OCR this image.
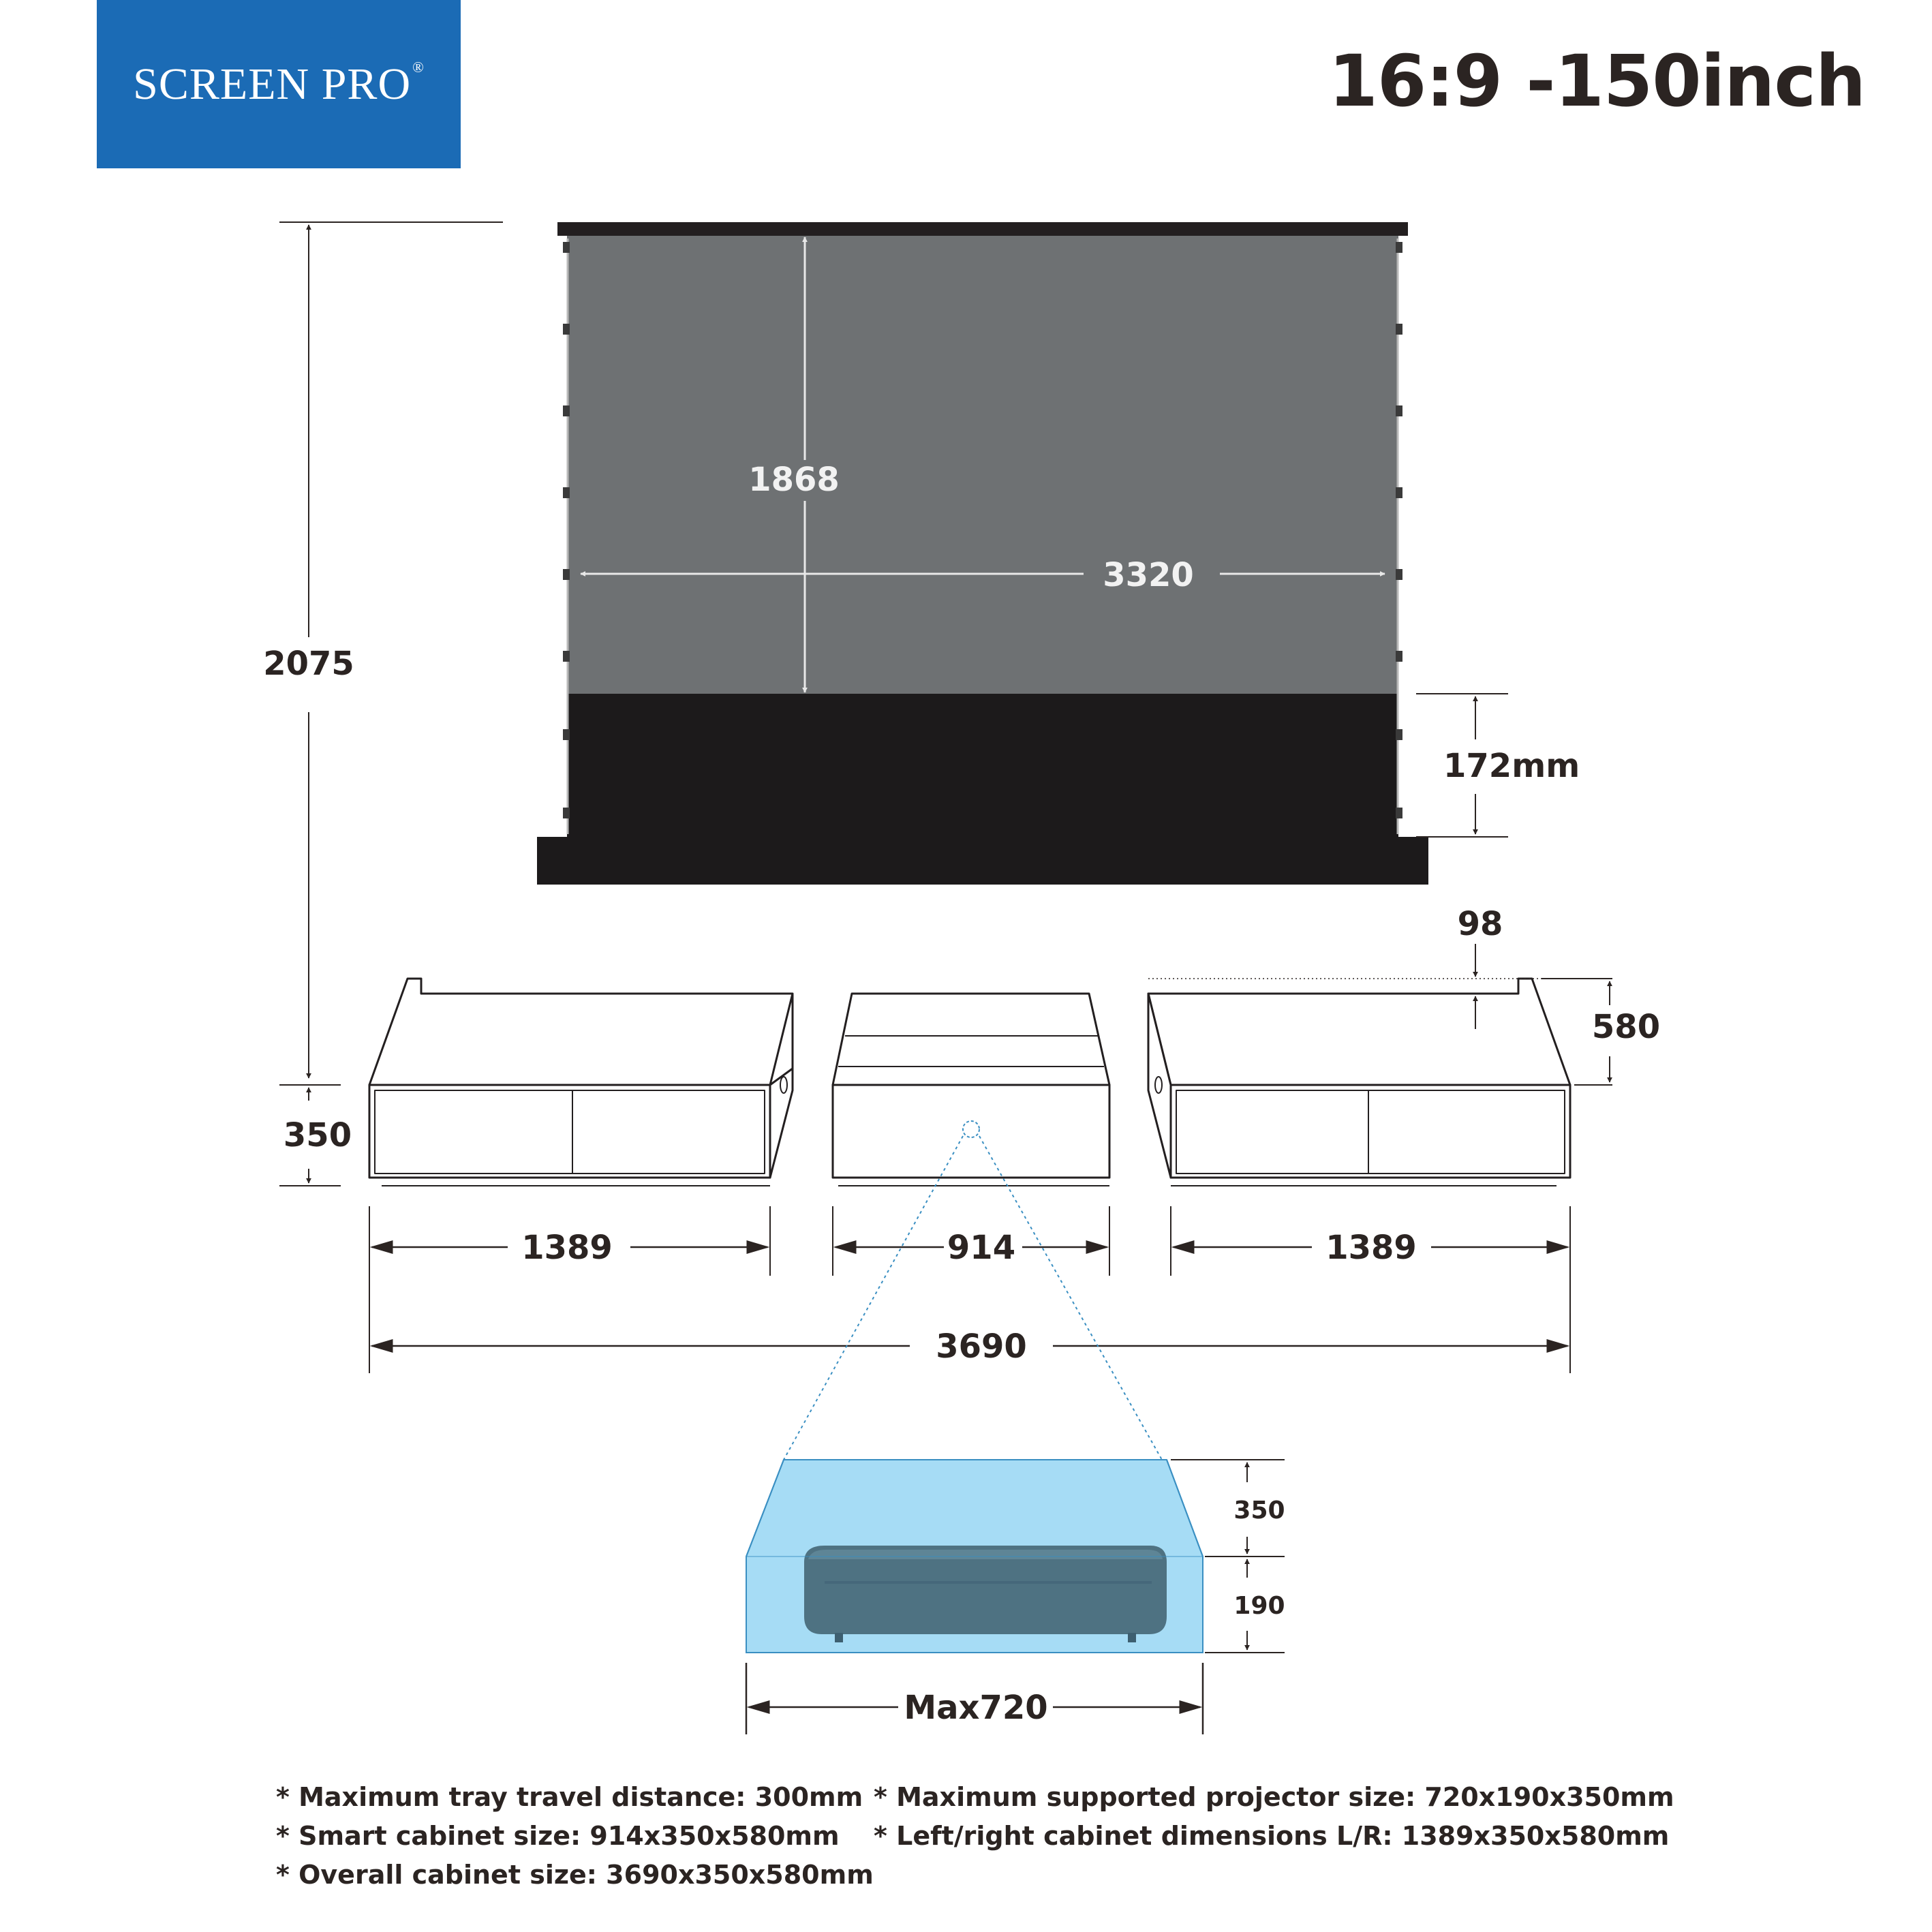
SCREEN PRO®	16:9 -150inch
1868
3320
2075
172mm
350
98
580
1389	914	1389
3690
350
190
Max720
* Maximum tray travel distance: 300mm
* Smart cabinet size: 914x350x580mm
* Overall cabinet size: 3690x350x580mm
* Maximum supported projector size: 720x190x350mm
* Left/right cabinet dimensions L/R: 1389x350x580mm
